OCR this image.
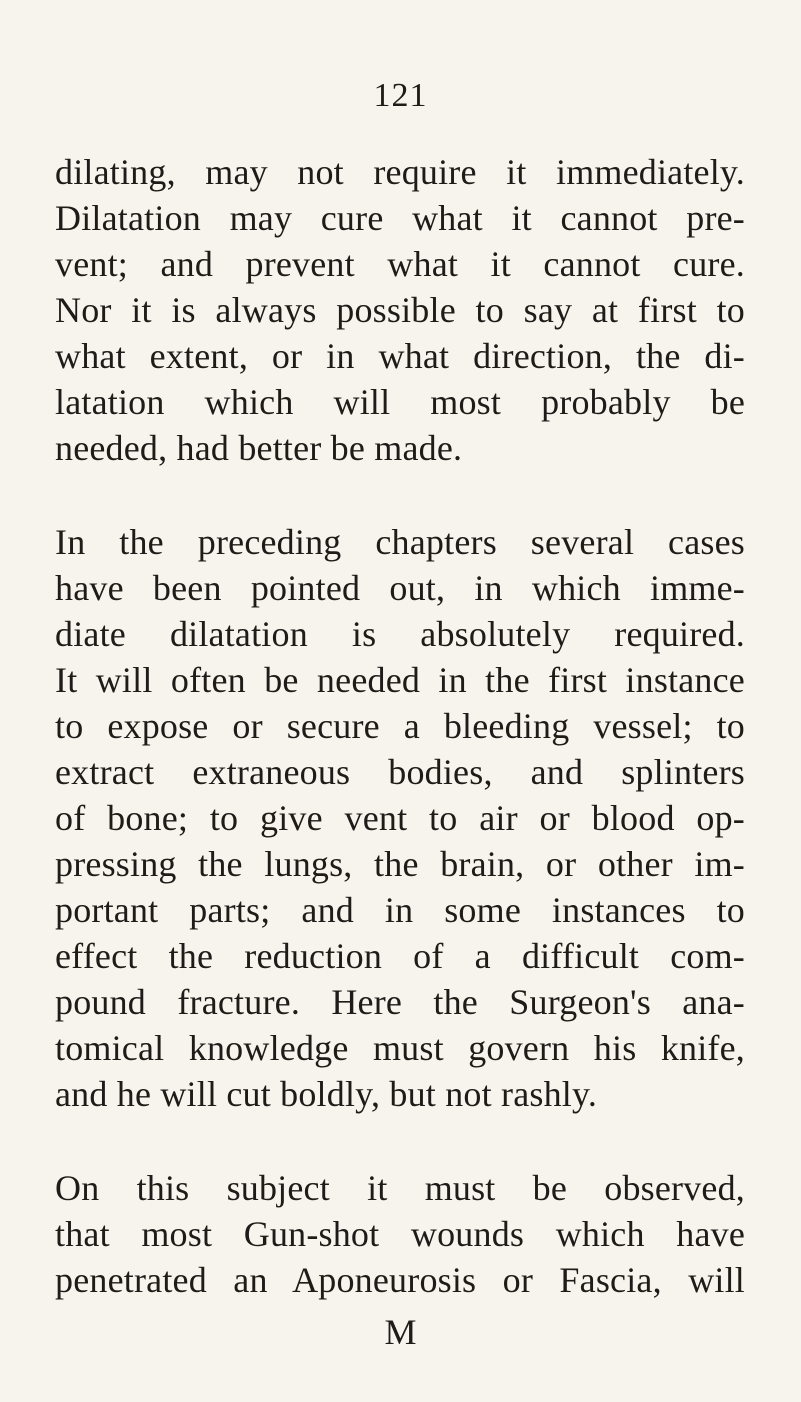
121
dilating, may not require it immediately.
Dilatation may cure what it cannot pre-
vent; and prevent what it cannot cure.
Nor it is always possible to say at first to
what extent, or in what direction, the di-
latation which will most probably be
needed, had better be made.
In the preceding chapters several cases
have been pointed out, in which imme-
diate dilatation is absolutely required.
It will often be needed in the first instance
to expose or secure a bleeding vessel; to
extract extraneous bodies, and splinters
of bone; to give vent to air or blood op-
pressing the lungs, the brain, or other im-
portant parts; and in some instances to
effect the reduction of a difficult com-
pound fracture. Here the Surgeon's ana-
tomical knowledge must govern his knife,
and he will cut boldly, but not rashly.
On this subject it must be observed,
that most Gun-shot wounds which have
penetrated an Aponeurosis or Fascia, will
M
